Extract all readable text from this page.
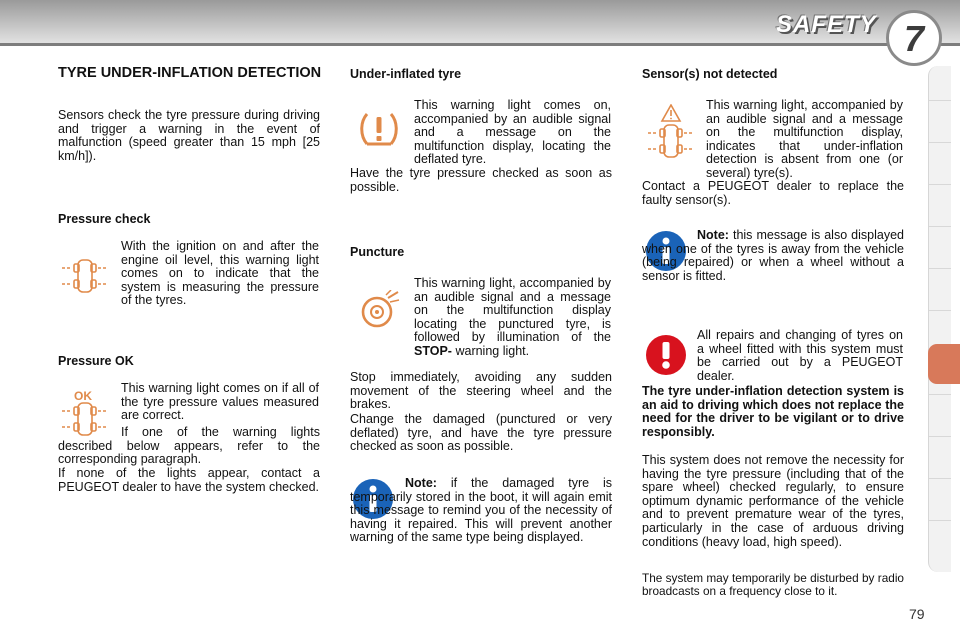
SAFETY 7
TYRE UNDER-INFLATION DETECTION

Sensors check the tyre pressure during driving and trigger a warning in the event of malfunction (speed greater than 15 mph [25 km/h]).

Pressure check

With the ignition on and after the engine oil level, this warning light comes on to indicate that the system is measuring the pressure of the tyres.

Pressure OK
OK

This warning light comes on if all of the tyre pressure values measured are correct.

If one of the warning lights described below appears, refer to the corresponding paragraph.

If none of the lights appear, contact a PEUGEOT dealer to have the system checked.

Under-inflated tyre

This warning light comes on, accompanied by an audible signal and a message on the multifunction display, locating the deflated tyre.

Have the tyre pressure checked as soon as possible.

Puncture

This warning light, accompanied by an audible signal and a message on the multifunction display locating the punctured tyre, is followed by illumination of the STOP- warning light.

Stop immediately, avoiding any sudden movement of the steering wheel and the brakes.

Change the damaged (punctured or very deflated) tyre, and have the tyre pressure checked as soon as possible.

Note: if the damaged tyre is temporarily stored in the boot, it will again emit this message to remind you of the necessity of having it repaired. This will prevent another warning of the same type being displayed.

Sensor(s) not detected

This warning light, accompanied by an audible signal and a message on the multifunction display, indicates that under-inflation detection is absent from one (or several) tyre(s).

Contact a PEUGEOT dealer to replace the faulty sensor(s).

Note: this message is also displayed when one of the tyres is away from the vehicle (being repaired) or when a wheel without a sensor is fitted.

All repairs and changing of tyres on a wheel fitted with this system must be carried out by a PEUGEOT dealer.

The tyre under-inflation detection system is an aid to driving which does not replace the need for the driver to be vigilant or to drive responsibly.

This system does not remove the necessity for having the tyre pressure (including that of the spare wheel) checked regularly, to ensure optimum dynamic performance of the vehicle and to prevent premature wear of the tyres, particularly in the case of arduous driving conditions (heavy load, high speed).

The system may temporarily be disturbed by radio broadcasts on a frequency close to it.

79
